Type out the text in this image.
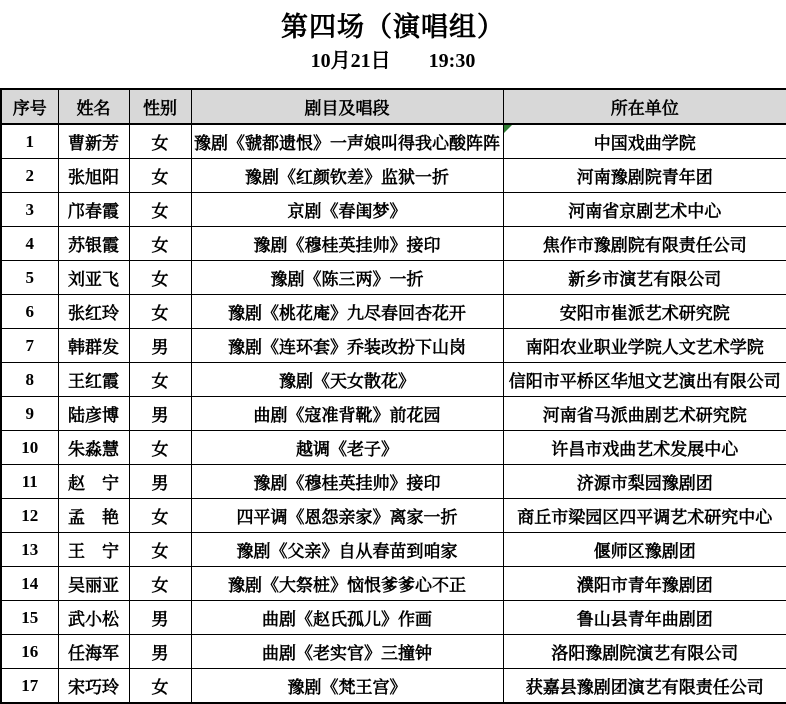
第四场（演唱组）
10月21日 19:30
序号	姓名	性别	剧目及唱段	所在单位
1	曹新芳	女	豫剧《虢都遗恨》一声娘叫得我心酸阵阵	中国戏曲学院

2	张旭阳	女	豫剧《红颜钦差》监狱一折	河南豫剧院青年团
3	邝春霞	女	京剧《春闺梦》	河南省京剧艺术中心
4	苏银霞	女	豫剧《穆桂英挂帅》接印	焦作市豫剧院有限责任公司
5	刘亚飞	女	豫剧《陈三两》一折	新乡市演艺有限公司
6	张红玲	女	豫剧《桃花庵》九尽春回杏花开	安阳市崔派艺术研究院
7	韩群发	男	豫剧《连环套》乔装改扮下山岗	南阳农业职业学院人文艺术学院
8	王红霞	女	豫剧《天女散花》	信阳市平桥区华旭文艺演出有限公司
9	陆彦博	男	曲剧《寇准背靴》前花园	河南省马派曲剧艺术研究院
10	朱淼慧	女	越调《老子》	许昌市戏曲艺术发展中心
11	赵　宁	男	豫剧《穆桂英挂帅》接印	济源市梨园豫剧团
12	孟　艳	女	四平调《恩怨亲家》离家一折	商丘市梁园区四平调艺术研究中心
13	王　宁	女	豫剧《父亲》自从春苗到咱家	偃师区豫剧团
14	吴丽亚	女	豫剧《大祭桩》恼恨爹爹心不正	濮阳市青年豫剧团
15	武小松	男	曲剧《赵氏孤儿》作画	鲁山县青年曲剧团
16	任海军	男	曲剧《老实官》三撞钟	洛阳豫剧院演艺有限公司
17	宋巧玲	女	豫剧《梵王宫》	获嘉县豫剧团演艺有限责任公司
